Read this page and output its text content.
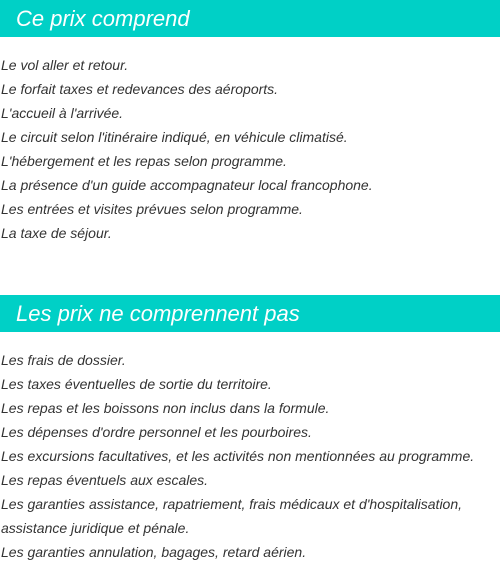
Ce prix comprend
Le vol aller et retour.
Le forfait taxes et redevances des aéroports.
L'accueil à l'arrivée.
Le circuit selon l'itinéraire indiqué, en véhicule climatisé.
L'hébergement et les repas selon programme.
La présence d'un guide accompagnateur local francophone.
Les entrées et visites prévues selon programme.
La taxe de séjour.
Les prix ne comprennent pas
Les frais de dossier.
Les taxes éventuelles de sortie du territoire.
Les repas et les boissons non inclus dans la formule.
Les dépenses d'ordre personnel et les pourboires.
Les excursions facultatives, et les activités non mentionnées au programme.
Les repas éventuels aux escales.
Les garanties assistance, rapatriement, frais médicaux et d'hospitalisation, assistance juridique et pénale.
Les garanties annulation, bagages, retard aérien.
